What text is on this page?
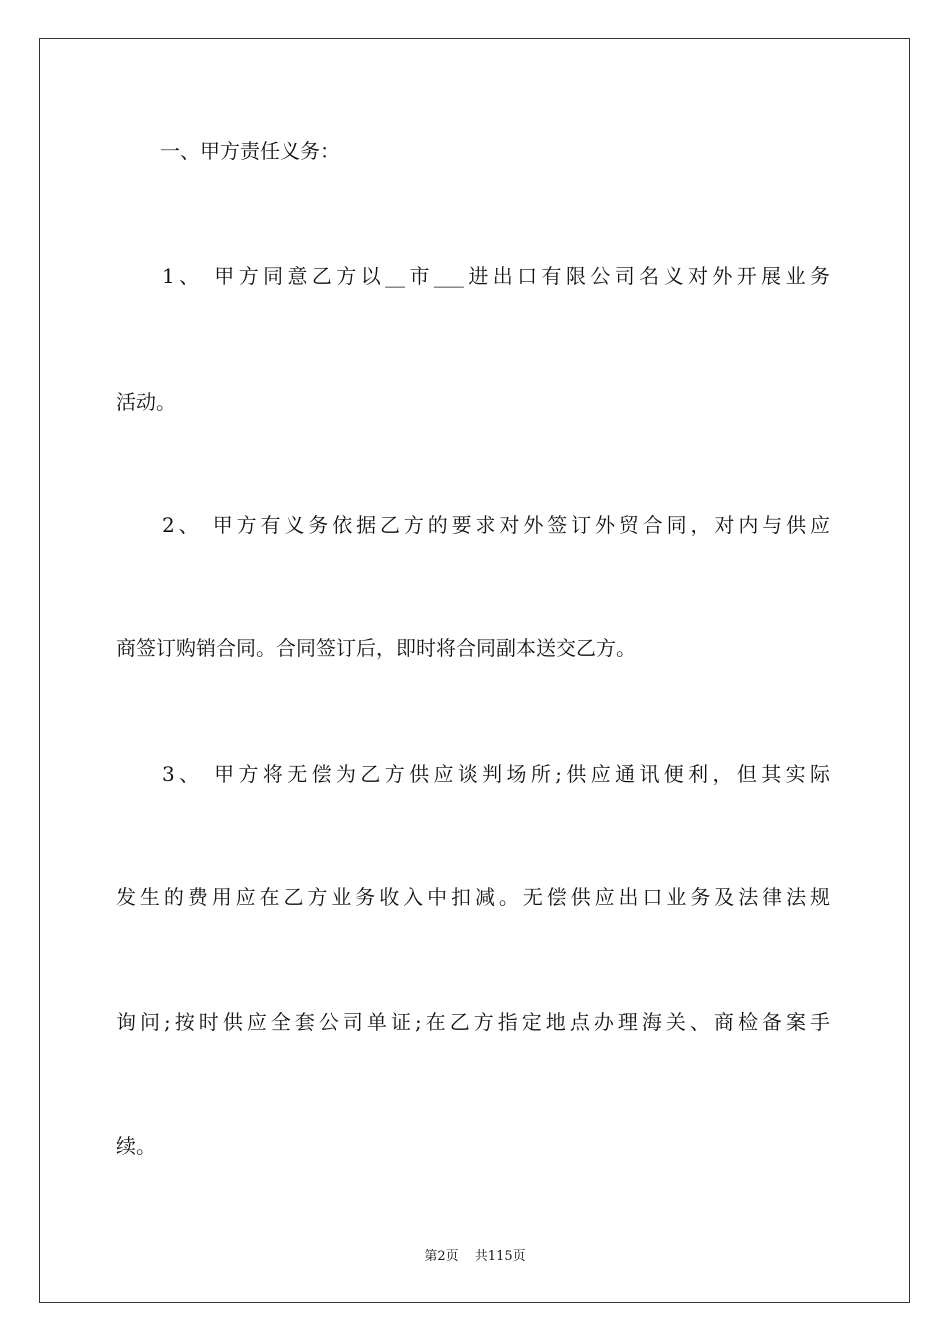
一、甲方责任义务：

1、 甲方同意乙方以__市___进出口有限公司名义对外开展业务

活动。

2、 甲方有义务依据乙方的要求对外签订外贸合同，对内与供应

商签订购销合同。合同签订后，即时将合同副本送交乙方。

3、 甲方将无偿为乙方供应谈判场所;供应通讯便利，但其实际

发生的费用应在乙方业务收入中扣减。无偿供应出口业务及法律法规

询问;按时供应全套公司单证;在乙方指定地点办理海关、商检备案手

续。

第2页 共115页
